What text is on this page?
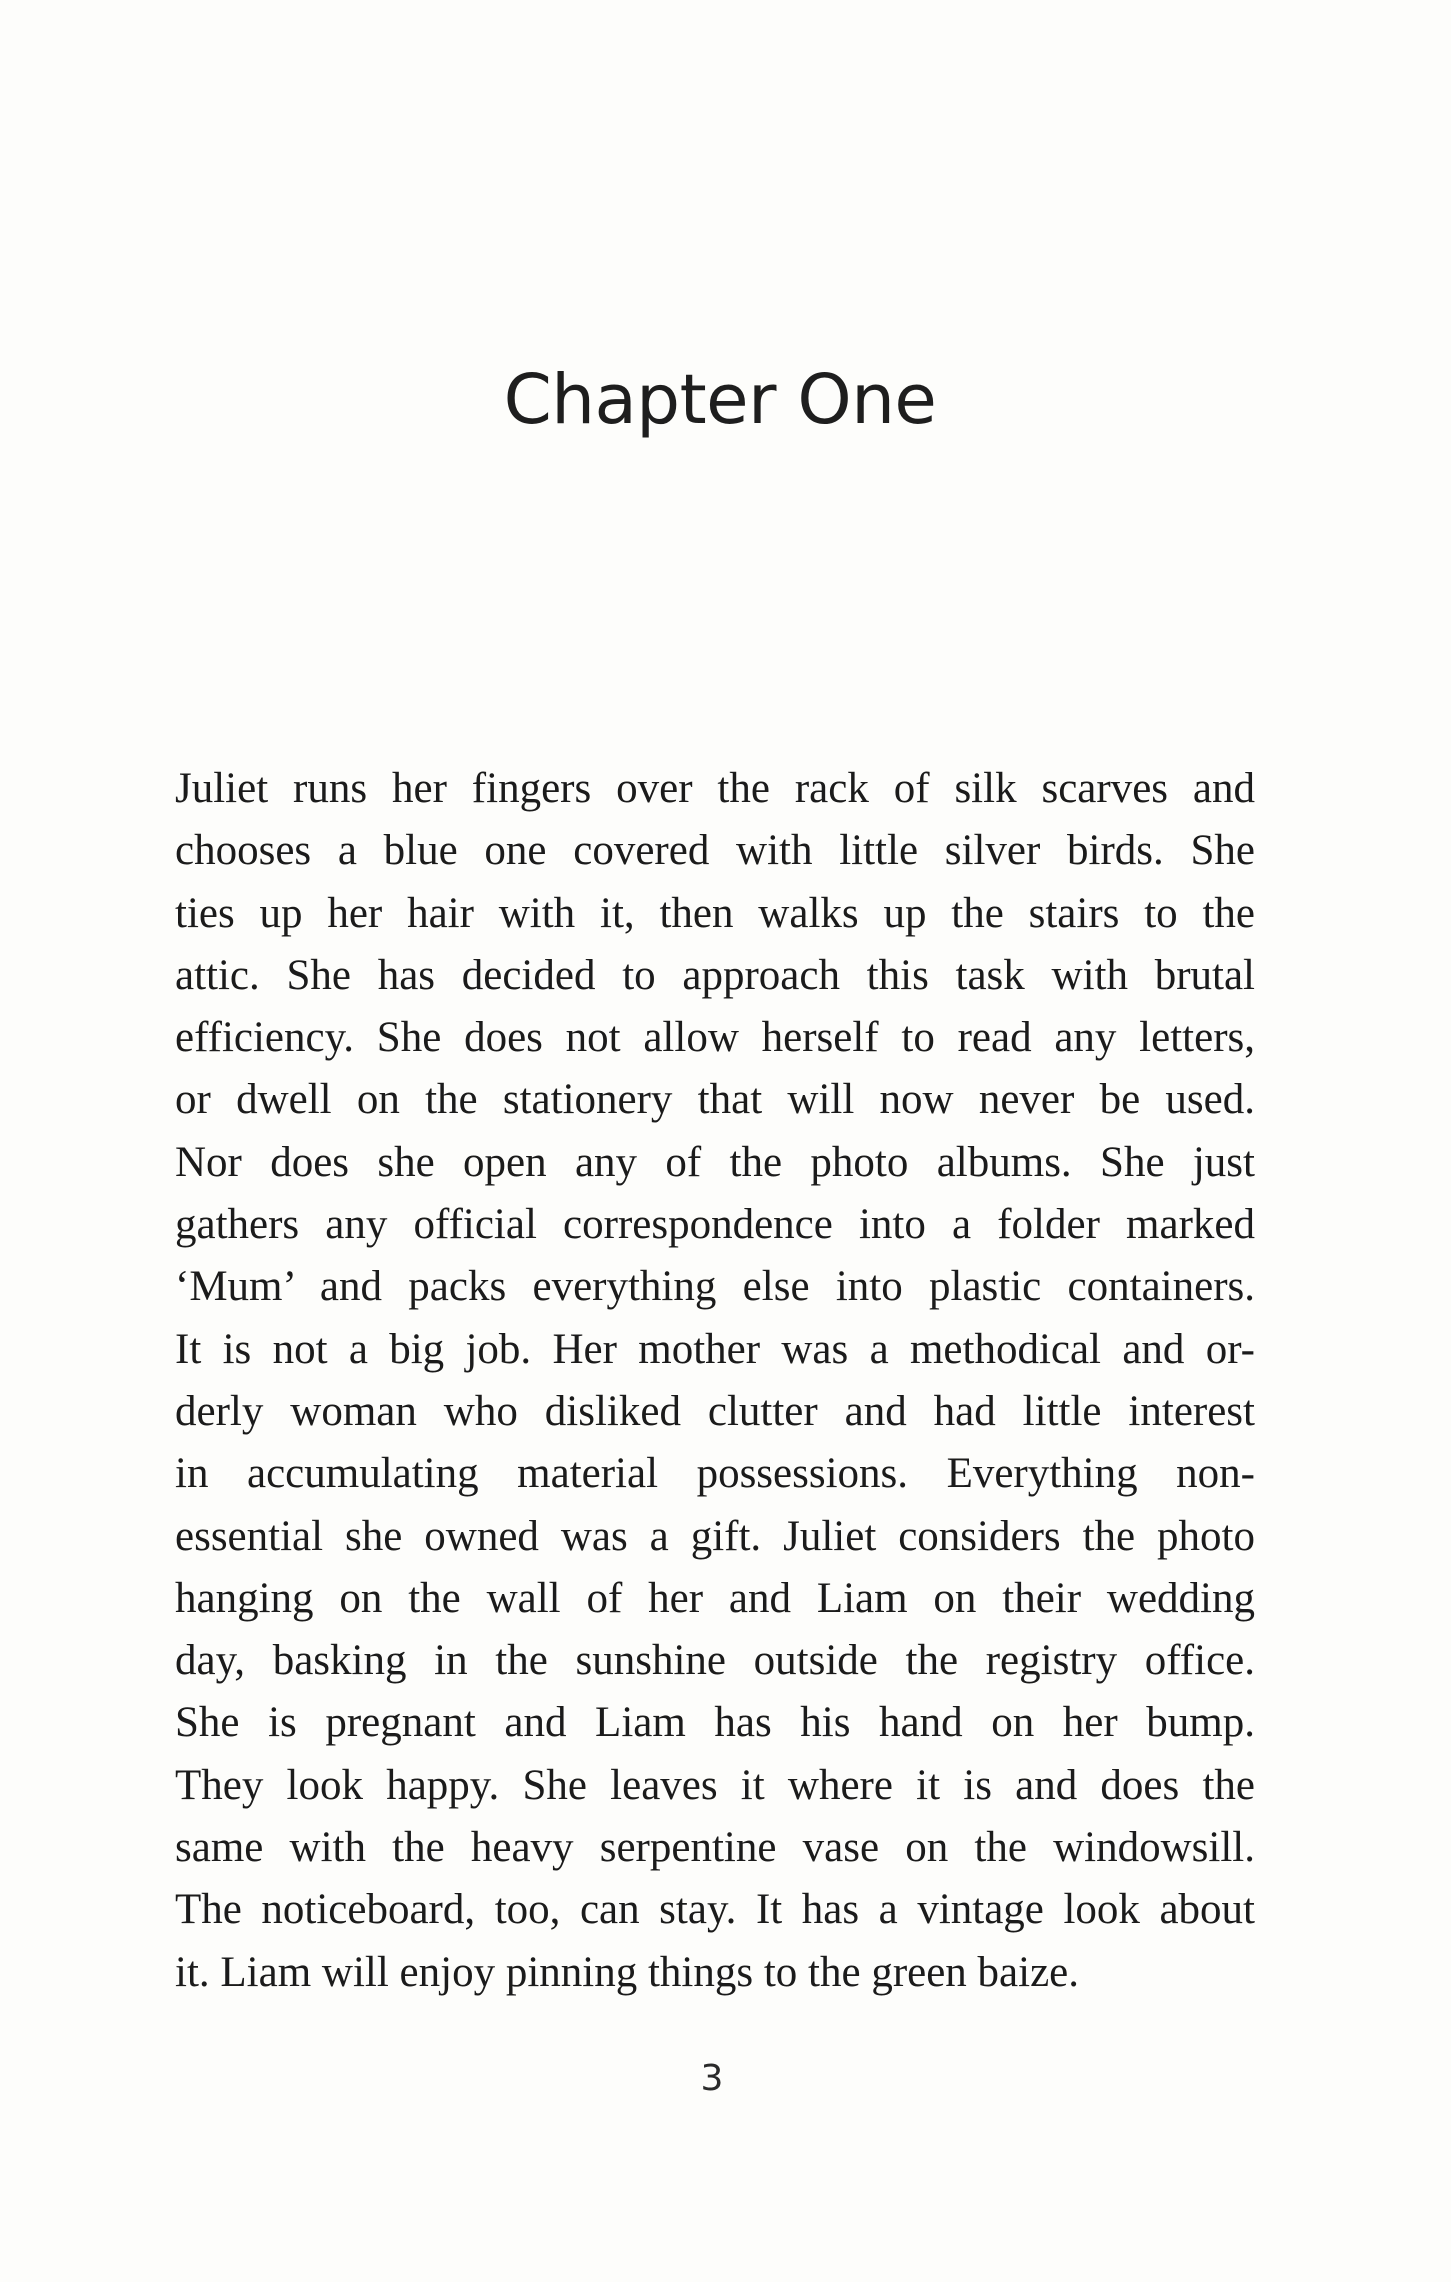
Chapter One

Juliet runs her fingers over the rack of silk scarves and
chooses a blue one covered with little silver birds. She
ties up her hair with it, then walks up the stairs to the
attic. She has decided to approach this task with brutal
efficiency. She does not allow herself to read any letters,
or dwell on the stationery that will now never be used.
Nor does she open any of the photo albums. She just
gathers any official correspondence into a folder marked
‘Mum’ and packs everything else into plastic containers.
It is not a big job. Her mother was a methodical and or-
derly woman who disliked clutter and had little interest
in accumulating material possessions. Everything non-
essential she owned was a gift. Juliet considers the photo
hanging on the wall of her and Liam on their wedding
day, basking in the sunshine outside the registry office.
She is pregnant and Liam has his hand on her bump.
They look happy. She leaves it where it is and does the
same with the heavy serpentine vase on the windowsill.
The noticeboard, too, can stay. It has a vintage look about
it. Liam will enjoy pinning things to the green baize.

3
